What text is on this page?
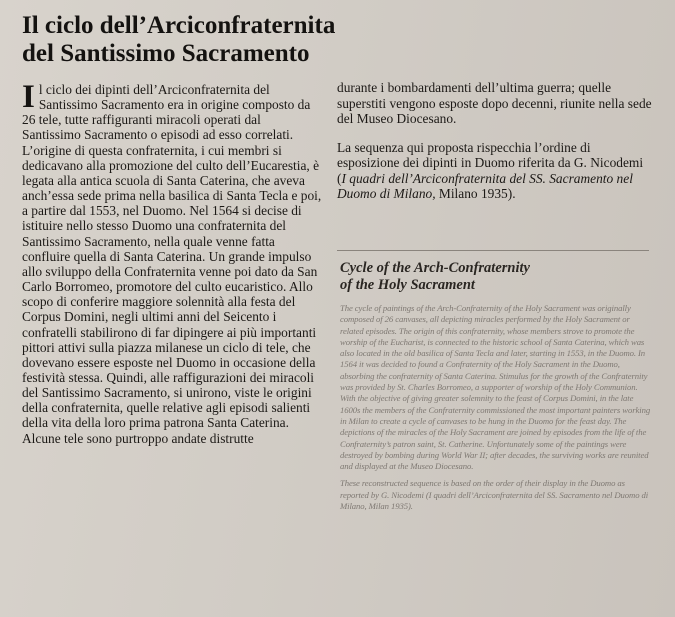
Il ciclo dell’Arciconfraternita
del Santissimo Sacramento

Il ciclo dei dipinti dell’Arciconfraternita del Santissimo Sacramento era in origine composto da 26 tele, tutte raffiguranti miracoli operati dal Santissimo Sacramento o episodi ad esso correlati.

L’origine di questa confraternita, i cui membri si dedicavano alla promozione del culto dell’Eucarestia, è legata alla antica scuola di Santa Caterina, che aveva anch’essa sede prima nella basilica di Santa Tecla e poi, a partire dal 1553, nel Duomo. Nel 1564 si decise di istituire nello stesso Duomo una confraternita del Santissimo Sacramento, nella quale venne fatta confluire quella di Santa Caterina. Un grande impulso allo sviluppo della Confraternita venne poi dato da San Carlo Borromeo, promotore del culto eucaristico. Allo scopo di conferire maggiore solennità alla festa del Corpus Domini, negli ultimi anni del Seicento i confratelli stabilirono di far dipingere ai più importanti pittori attivi sulla piazza milanese un ciclo di tele, che dovevano essere esposte nel Duomo in occasione della festività stessa. Quindi, alle raffigurazioni dei miracoli del Santissimo Sacramento, si unirono, viste le origini della confraternita, quelle relative agli episodi salienti della vita della loro prima patrona Santa Caterina.

Alcune tele sono purtroppo andate distrutte

durante i bombardamenti dell’ultima guerra; quelle superstiti vengono esposte dopo decenni, riunite nella sede del Museo Diocesano.

La sequenza qui proposta rispecchia l’ordine di esposizione dei dipinti in Duomo riferita da G. Nicodemi (I quadri dell’Arciconfraternita del SS. Sacramento nel Duomo di Milano, Milano 1935).

Cycle of the Arch-Confraternity
of the Holy Sacrament

The cycle of paintings of the Arch-Confraternity of the Holy Sacrament was originally composed of 26 canvases, all depicting miracles performed by the Holy Sacrament or related episodes. The origin of this confraternity, whose members strove to promote the worship of the Eucharist, is connected to the historic school of Santa Caterina, which was also located in the old basilica of Santa Tecla and later, starting in 1553, in the Duomo. In 1564 it was decided to found a Confraternity of the Holy Sacrament in the Duomo, absorbing the confraternity of Santa Caterina. Stimulus for the growth of the Confraternity was provided by St. Charles Borromeo, a supporter of worship of the Holy Communion. With the objective of giving greater solemnity to the feast of Corpus Domini, in the late 1600s the members of the Confraternity commissioned the most important painters working in Milan to create a cycle of canvases to be hung in the Duomo for the feast day. The depictions of the miracles of the Holy Sacrament are joined by episodes from the life of the Confraternity’s patron saint, St. Catherine. Unfortunately some of the paintings were destroyed by bombing during World War II; after decades, the surviving works are reunited and displayed at the Museo Diocesano.

These reconstructed sequence is based on the order of their display in the Duomo as reported by G. Nicodemi (I quadri dell’Arciconfraternita del SS. Sacramento nel Duomo di Milano, Milan 1935).
